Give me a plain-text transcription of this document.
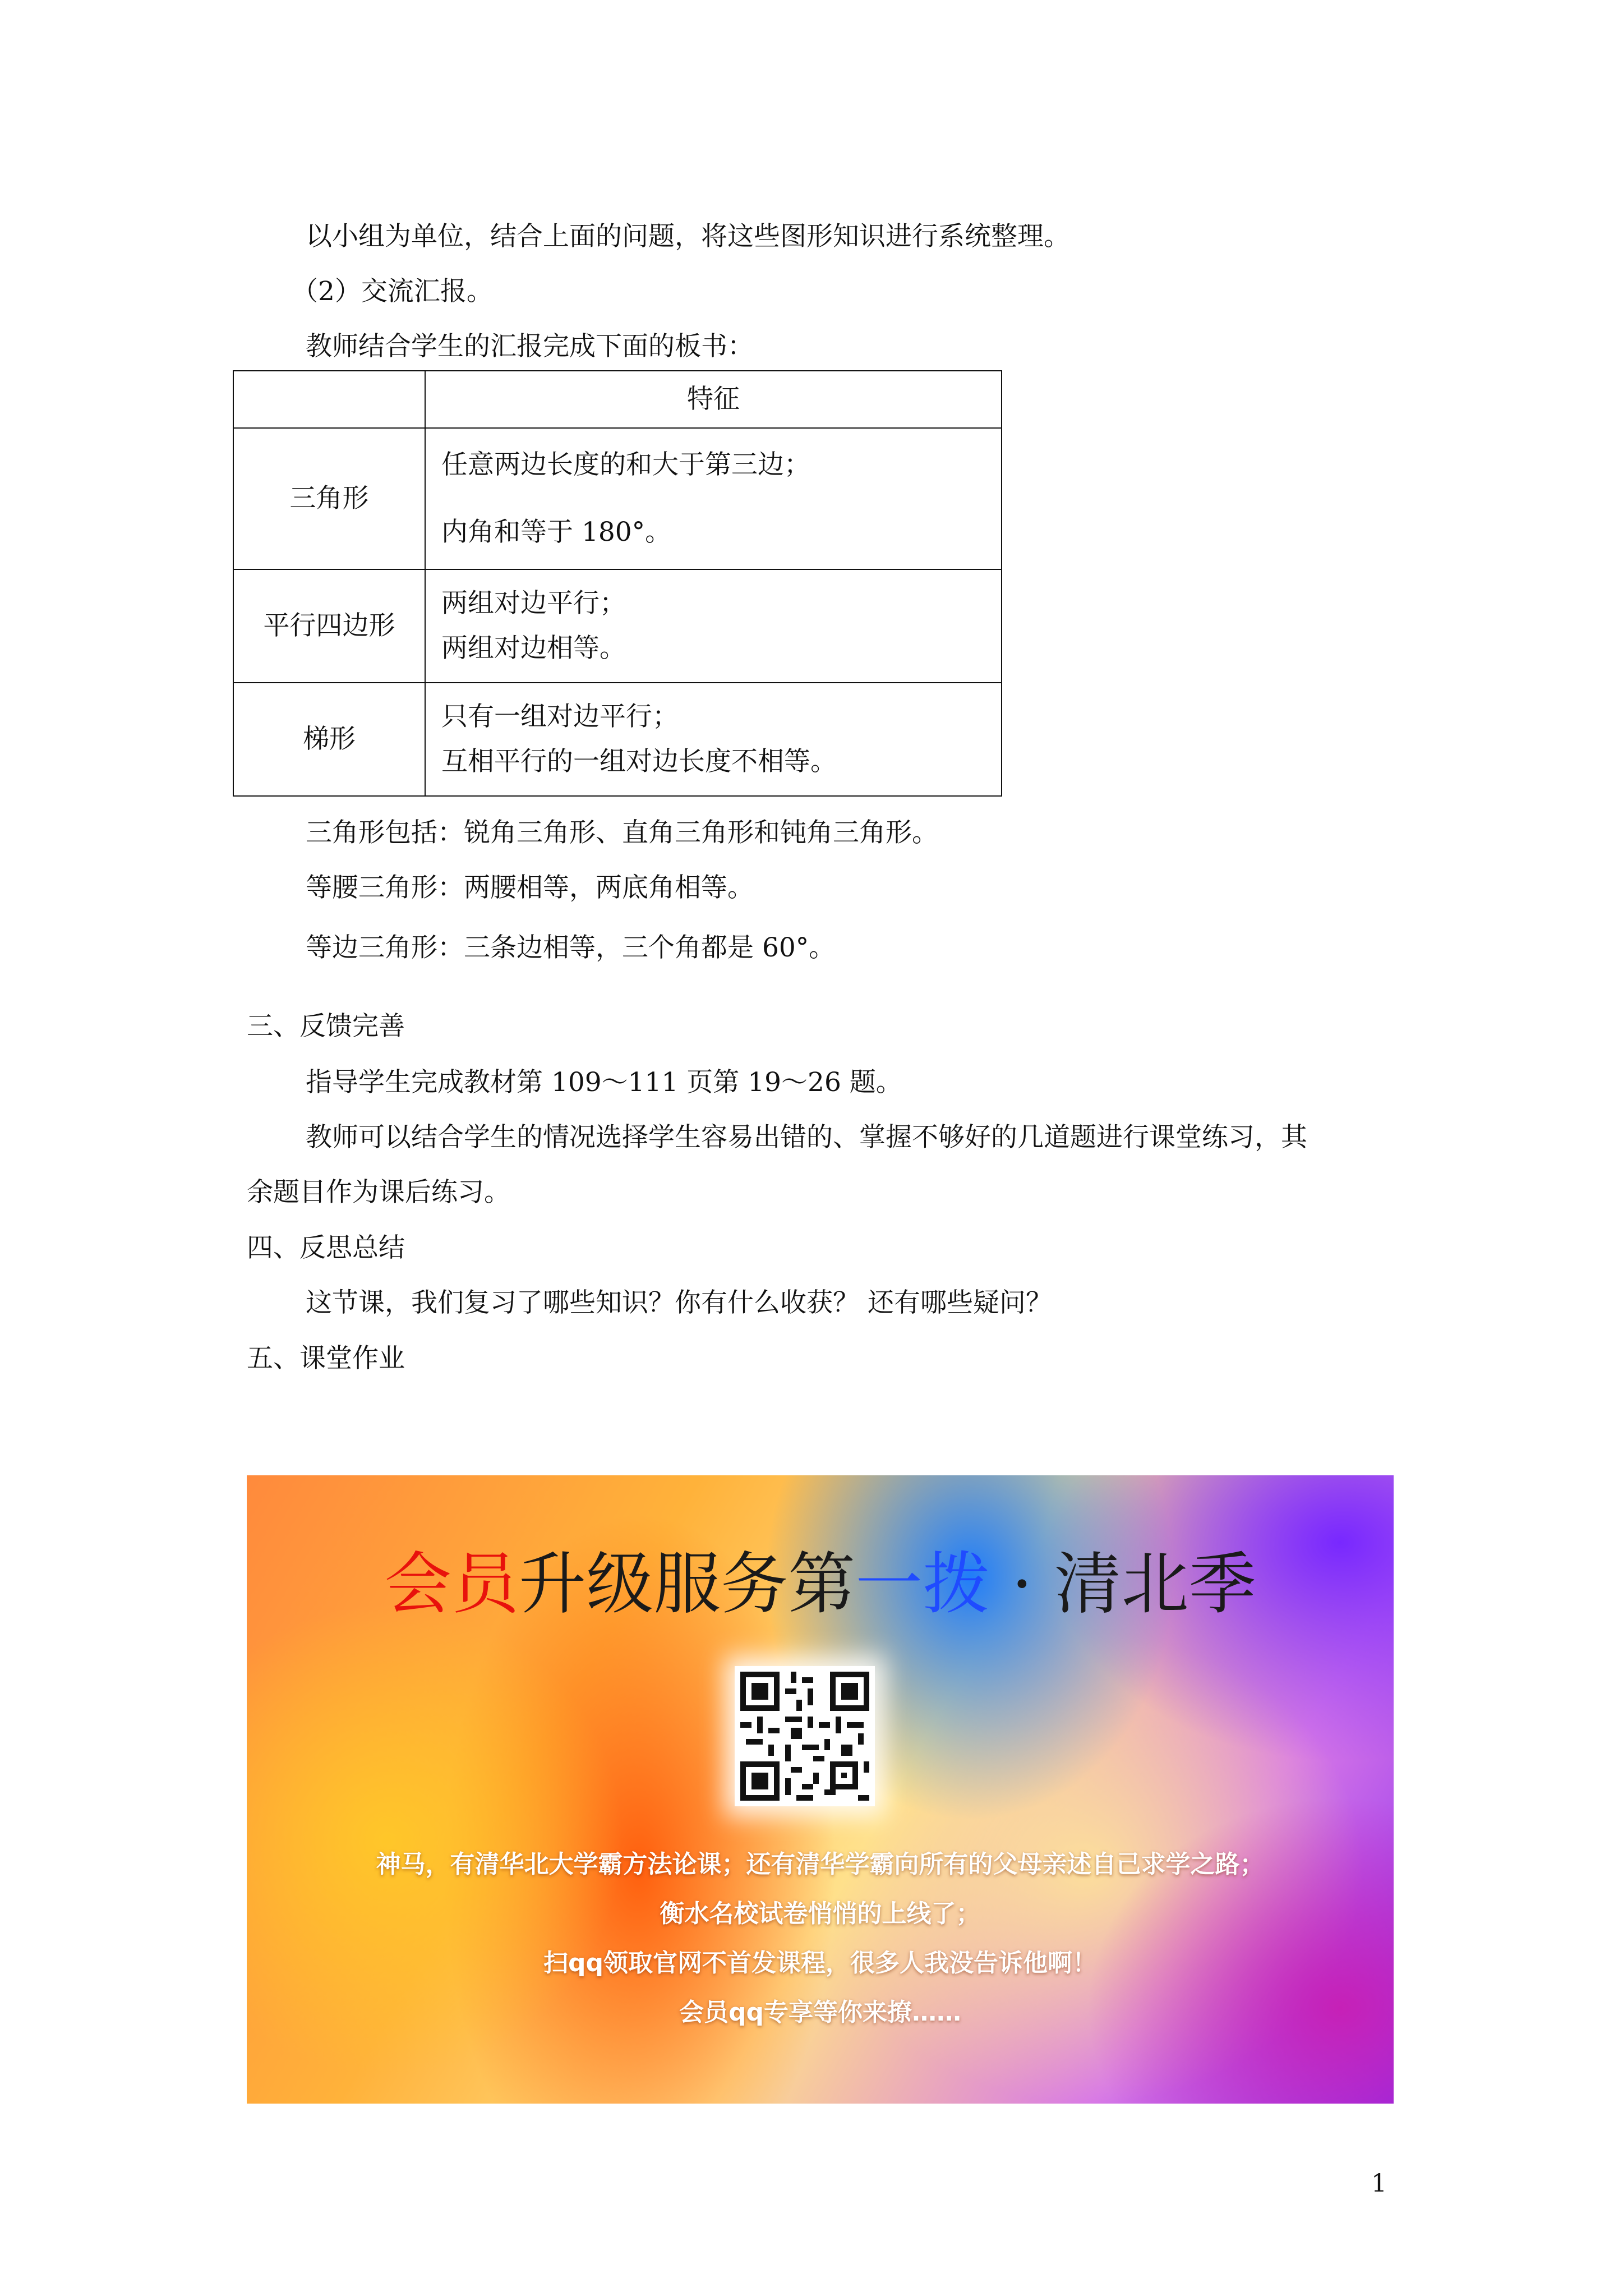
以小组为单位，结合上面的问题，将这些图形知识进行系统整理。
（2）交流汇报。
教师结合学生的汇报完成下面的板书：
	特征
三角形	任意两边长度的和大于第三边；
内角和等于 180°。

平行四边形	两组对边平行；
两组对边相等。

梯形	只有一组对边平行；
互相平行的一组对边长度不相等。
三角形包括：锐角三角形、直角三角形和钝角三角形。
等腰三角形：两腰相等，两底角相等。
等边三角形：三条边相等，三个角都是 60°。
三、反馈完善
指导学生完成教材第 109～111 页第 19～26 题。
教师可以结合学生的情况选择学生容易出错的、掌握不够好的几道题进行课堂练习，其
余题目作为课后练习。
四、反思总结
这节课，我们复习了哪些知识？你有什么收获？ 还有哪些疑问？
五、课堂作业
会员升级服务第一拨 · 清北季
神马，有清华北大学霸方法论课；还有清华学霸向所有的父母亲述自己求学之路；
衡水名校试卷悄悄的上线了；
扫qq领取官网不首发课程，很多人我没告诉他啊！
会员qq专享等你来撩……
1
